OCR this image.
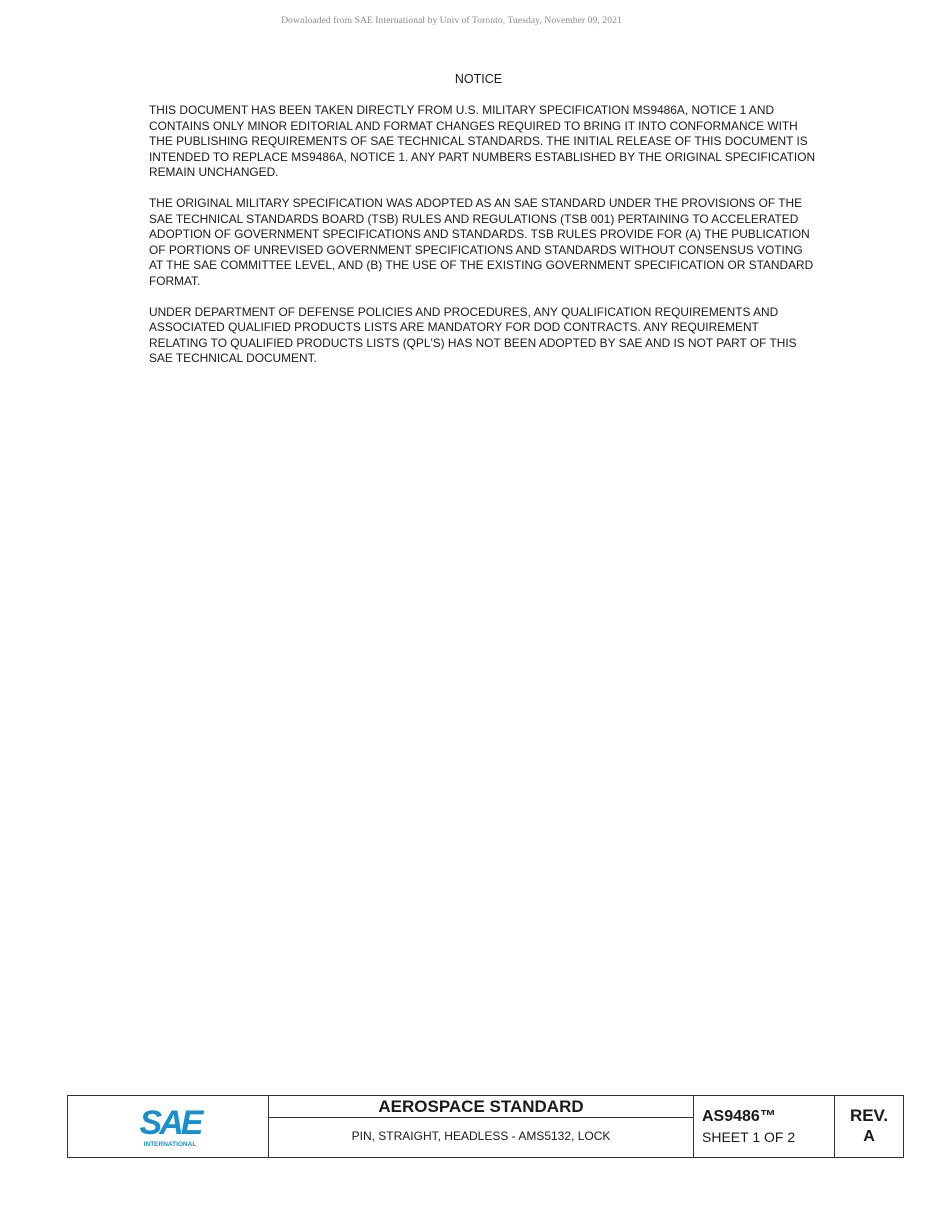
Downloaded from SAE International by Univ of Toronto, Tuesday, November 09, 2021
NOTICE

THIS DOCUMENT HAS BEEN TAKEN DIRECTLY FROM U.S. MILITARY SPECIFICATION MS9486A, NOTICE 1 AND CONTAINS ONLY MINOR EDITORIAL AND FORMAT CHANGES REQUIRED TO BRING IT INTO CONFORMANCE WITH THE PUBLISHING REQUIREMENTS OF SAE TECHNICAL STANDARDS. THE INITIAL RELEASE OF THIS DOCUMENT IS INTENDED TO REPLACE MS9486A, NOTICE 1. ANY PART NUMBERS ESTABLISHED BY THE ORIGINAL SPECIFICATION REMAIN UNCHANGED.

THE ORIGINAL MILITARY SPECIFICATION WAS ADOPTED AS AN SAE STANDARD UNDER THE PROVISIONS OF THE SAE TECHNICAL STANDARDS BOARD (TSB) RULES AND REGULATIONS (TSB 001) PERTAINING TO ACCELERATED ADOPTION OF GOVERNMENT SPECIFICATIONS AND STANDARDS. TSB RULES PROVIDE FOR (A) THE PUBLICATION OF PORTIONS OF UNREVISED GOVERNMENT SPECIFICATIONS AND STANDARDS WITHOUT CONSENSUS VOTING AT THE SAE COMMITTEE LEVEL, AND (B) THE USE OF THE EXISTING GOVERNMENT SPECIFICATION OR STANDARD FORMAT.

UNDER DEPARTMENT OF DEFENSE POLICIES AND PROCEDURES, ANY QUALIFICATION REQUIREMENTS AND ASSOCIATED QUALIFIED PRODUCTS LISTS ARE MANDATORY FOR DOD CONTRACTS. ANY REQUIREMENT RELATING TO QUALIFIED PRODUCTS LISTS (QPL'S) HAS NOT BEEN ADOPTED BY SAE AND IS NOT PART OF THIS SAE TECHNICAL DOCUMENT.

SAE
INTERNATIONAL
AEROSPACE STANDARD
PIN, STRAIGHT, HEADLESS - AMS5132, LOCK
AS9486™
SHEET 1 OF 2
REV.
A
